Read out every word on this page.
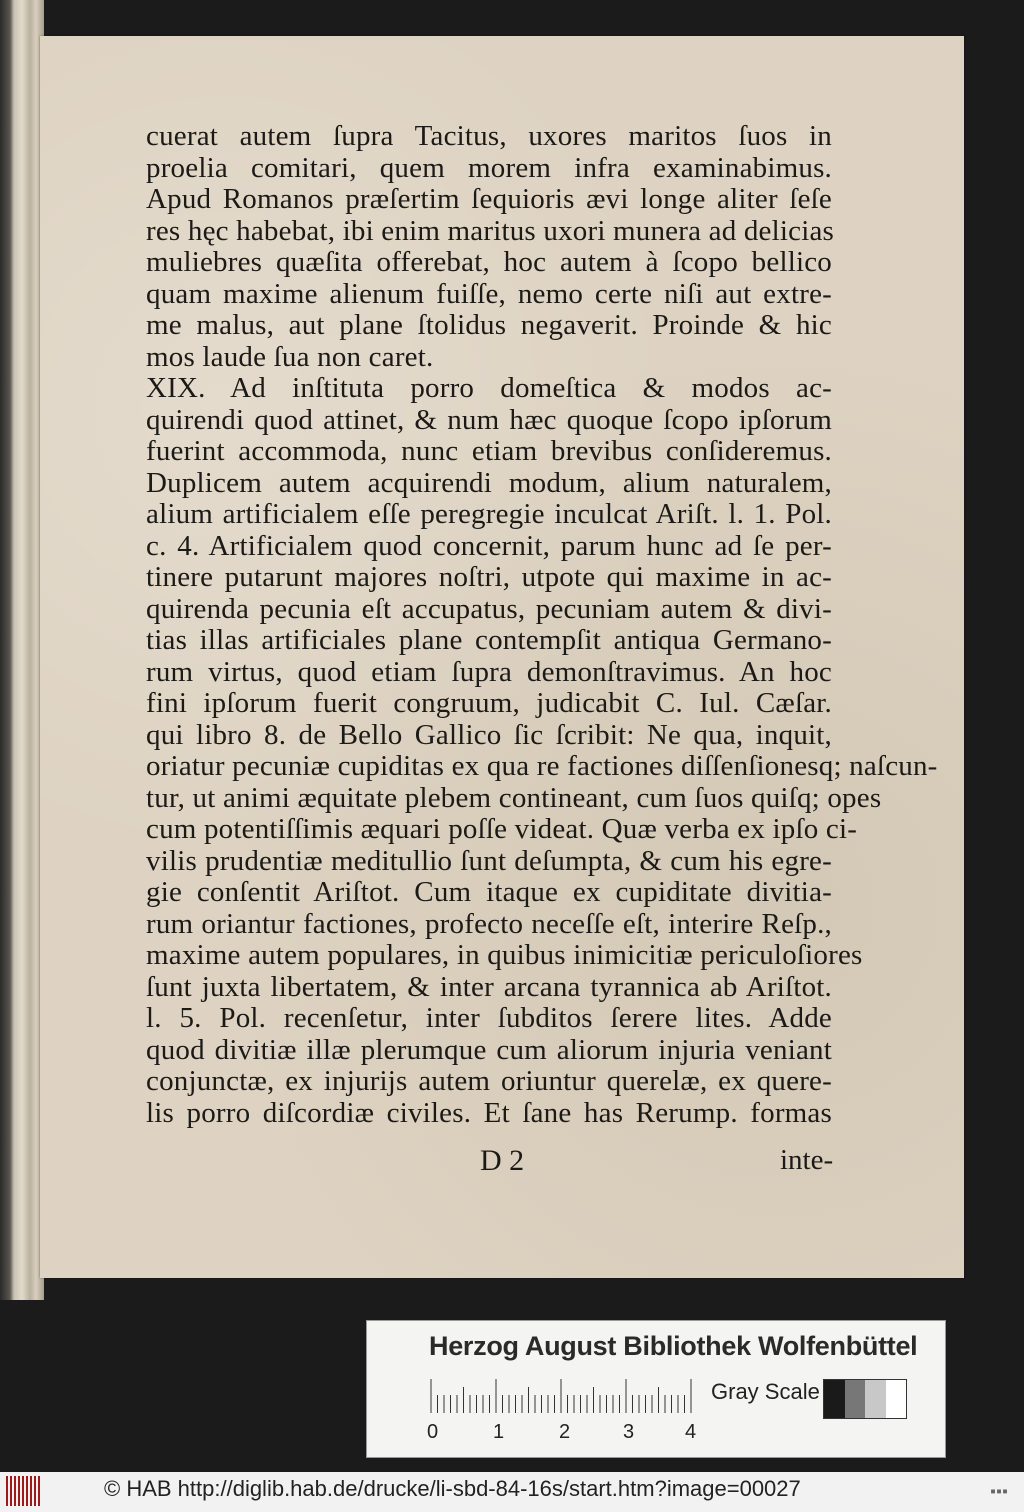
cuerat autem ſupra Tacitus, uxores maritos ſuos in
proelia comitari, quem morem infra examinabimus.
Apud Romanos præſertim ſequioris ævi longe aliter ſeſe
res hęc habebat, ibi enim maritus uxori munera ad delicias
muliebres quæſita offerebat, hoc autem à ſcopo bellico
quam maxime alienum fuiſſe, nemo certe niſi aut extre-
me malus, aut plane ſtolidus negaverit. Proinde & hic
mos laude ſua non caret.
XIX. Ad inſtituta porro domeſtica & modos ac-
quirendi quod attinet, & num hæc quoque ſcopo ipſorum
fuerint accommoda, nunc etiam brevibus conſideremus.
Duplicem autem acquirendi modum, alium naturalem,
alium artificialem eſſe peregregie inculcat Ariſt. l. 1. Pol.
c. 4. Artificialem quod concernit, parum hunc ad ſe per-
tinere putarunt majores noſtri, utpote qui maxime in ac-
quirenda pecunia eſt accupatus, pecuniam autem & divi-
tias illas artificiales plane contempſit antiqua Germano-
rum virtus, quod etiam ſupra demonſtravimus. An hoc
fini ipſorum fuerit congruum, judicabit C. Iul. Cæſar.
qui libro 8. de Bello Gallico ſic ſcribit: Ne qua, inquit,
oriatur pecuniæ cupiditas ex qua re factiones diſſenſionesq; naſcun-
tur, ut animi æquitate plebem contineant, cum ſuos quiſq; opes
cum potentiſſimis æquari poſſe videat. Quæ verba ex ipſo ci-
vilis prudentiæ meditullio ſunt deſumpta, & cum his egre-
gie conſentit Ariſtot. Cum itaque ex cupiditate divitia-
rum oriantur factiones, profecto neceſſe eſt, interire Reſp.,
maxime autem populares, in quibus inimicitiæ periculoſiores
ſunt juxta libertatem, & inter arcana tyrannica ab Ariſtot.
l. 5. Pol. recenſetur, inter ſubditos ſerere lites. Adde
quod divitiæ illæ plerumque cum aliorum injuria veniant
conjunctæ, ex injurijs autem oriuntur querelæ, ex quere-
lis porro diſcordiæ civiles. Et ſane has Rerump. formas
D 2	inte-
Herzog August Bibliothek Wolfenbüttel
0	1	2	3	4
Gray Scale
© HAB http://diglib.hab.de/drucke/li-sbd-84-16s/start.htm?image=00027	▪▪▪
